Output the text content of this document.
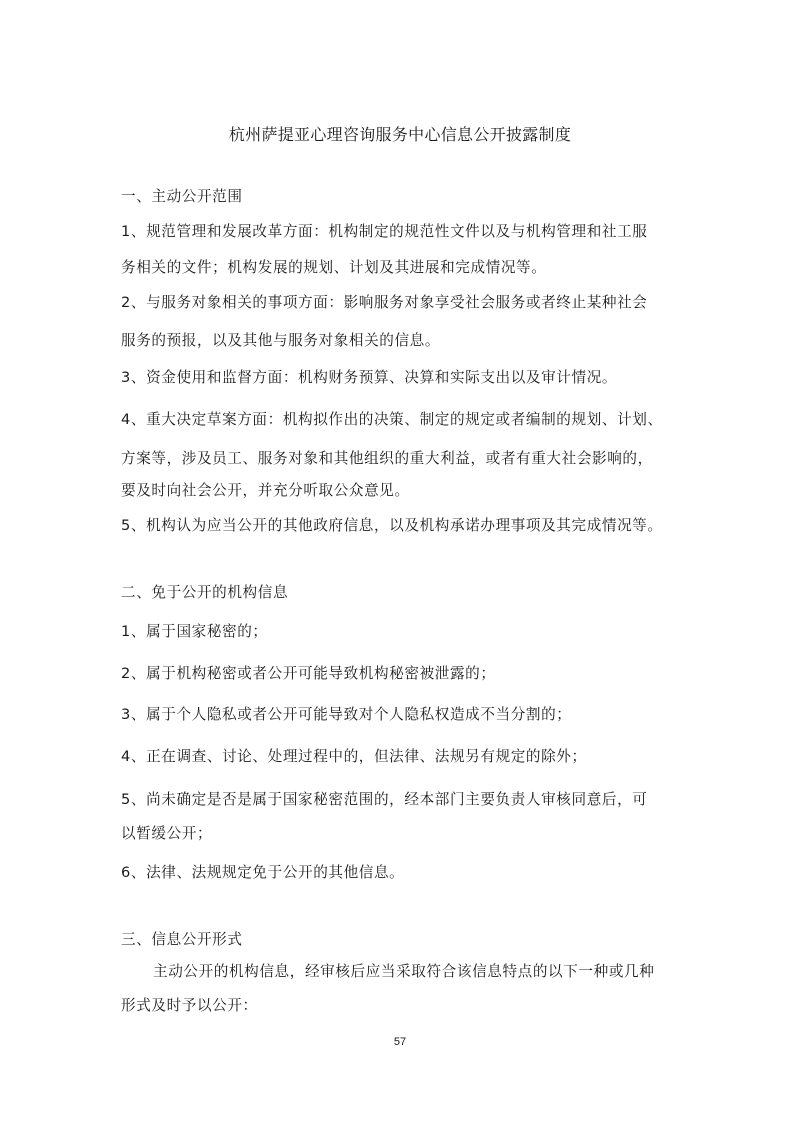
杭州萨提亚心理咨询服务中心信息公开披露制度
一、主动公开范围
1、规范管理和发展改革方面：机构制定的规范性文件以及与机构管理和社工服
务相关的文件；机构发展的规划、计划及其进展和完成情况等。
2、与服务对象相关的事项方面：影响服务对象享受社会服务或者终止某种社会
服务的预报，以及其他与服务对象相关的信息。
3、资金使用和监督方面：机构财务预算、决算和实际支出以及审计情况。
4、重大决定草案方面：机构拟作出的决策、制定的规定或者编制的规划、计划、
方案等，涉及员工、服务对象和其他组织的重大利益，或者有重大社会影响的，
要及时向社会公开，并充分听取公众意见。
5、机构认为应当公开的其他政府信息，以及机构承诺办理事项及其完成情况等。
二、免于公开的机构信息
1、属于国家秘密的；
2、属于机构秘密或者公开可能导致机构秘密被泄露的；
3、属于个人隐私或者公开可能导致对个人隐私权造成不当分割的；
4、正在调查、讨论、处理过程中的，但法律、法规另有规定的除外；
5、尚未确定是否是属于国家秘密范围的，经本部门主要负责人审核同意后，可
以暂缓公开；
6、法律、法规规定免于公开的其他信息。
三、信息公开形式
主动公开的机构信息，经审核后应当采取符合该信息特点的以下一种或几种
形式及时予以公开：
57
